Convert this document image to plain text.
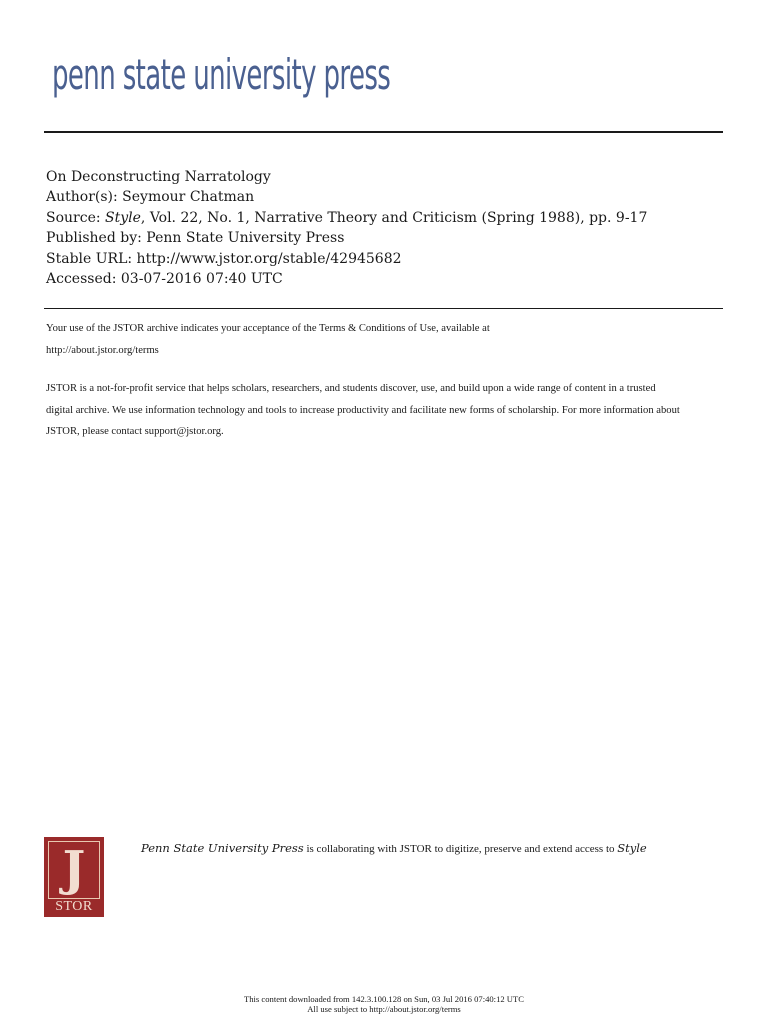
penn state university press
On Deconstructing Narratology
Author(s): Seymour Chatman
Source: Style, Vol. 22, No. 1, Narrative Theory and Criticism (Spring 1988), pp. 9-17
Published by: Penn State University Press
Stable URL: http://www.jstor.org/stable/42945682
Accessed: 03-07-2016 07:40 UTC

Your use of the JSTOR archive indicates your acceptance of the Terms & Conditions of Use, available at

http://about.jstor.org/terms

JSTOR is a not-for-profit service that helps scholars, researchers, and students discover, use, and build upon a wide range of content in a trusted

digital archive. We use information technology and tools to increase productivity and facilitate new forms of scholarship. For more information about

JSTOR, please contact support@jstor.org.

J
STOR
Penn State University Press is collaborating with JSTOR to digitize, preserve and extend access to Style
This content downloaded from 142.3.100.128 on Sun, 03 Jul 2016 07:40:12 UTC
All use subject to http://about.jstor.org/terms
